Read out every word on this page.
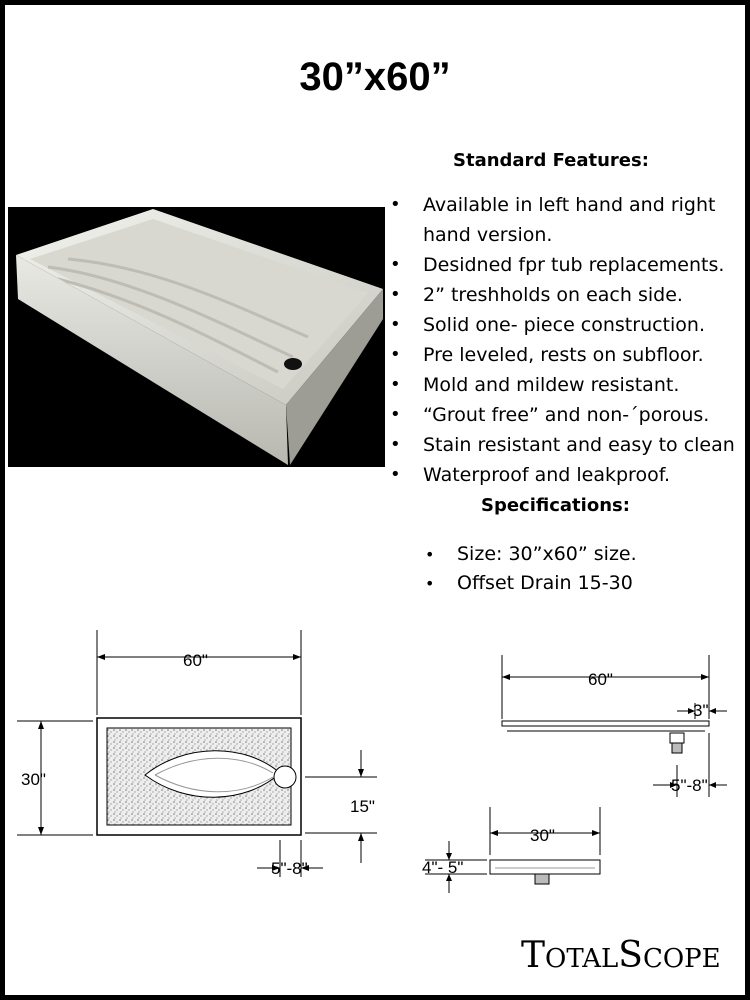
30”x60”
Standard Features:
• Available in left hand and right hand version.
• Desidned fpr tub replacements.
• 2” treshholds on each side.
• Solid one- piece construction.
• Pre leveled, rests on subfloor.
• Mold and mildew resistant.
• “Grout free” and non-´porous.
• Stain resistant and easy to clean
• Waterproof and leakproof.
Specifications:
• Size: 30”x60” size.
• Offset Drain 15-30
60"
30"
15"
5"-8"
60"
3"
5"-8"
30"
4"- 5"
TOTALSCOPE
